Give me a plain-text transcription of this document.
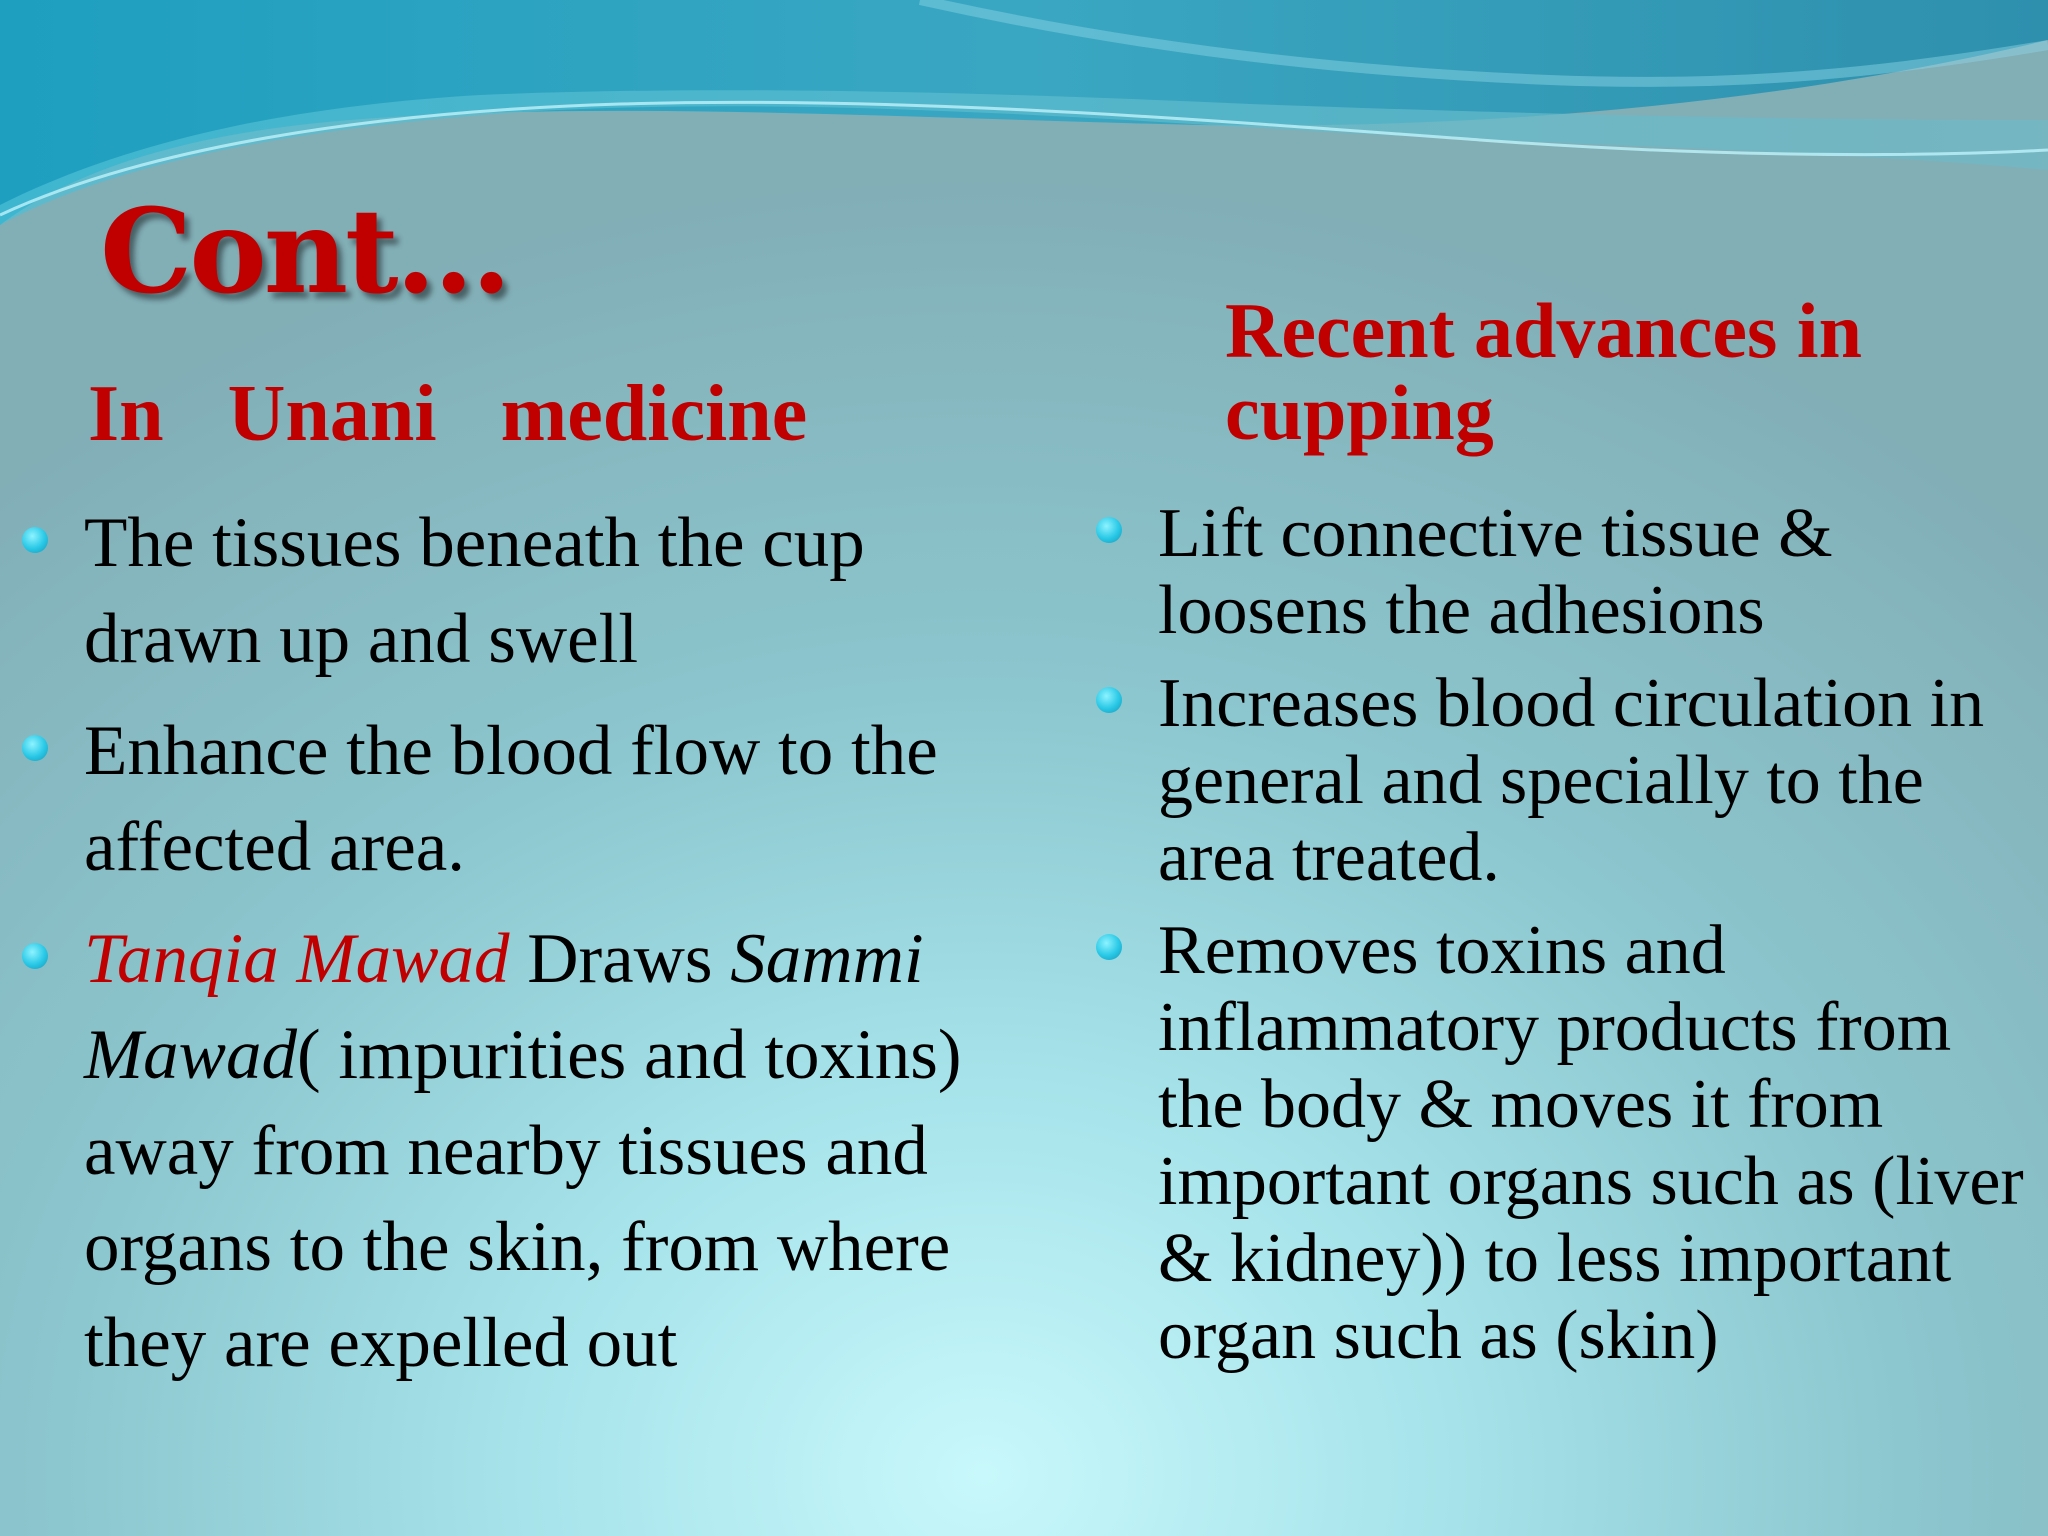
Cont…
In  Unani  medicine
Recent advances in
cupping
The tissues beneath the cup drawn up and swell
Enhance the blood flow to the affected area.
Tanqia Mawad Draws Sammi Mawad( impurities and toxins) away from nearby tissues and organs to the skin, from where they are expelled out
Lift connective tissue & loosens the adhesions
Increases blood circulation in general and specially to the area treated.
Removes toxins and inflammatory products from the body & moves it from important organs such as (liver & kidney)) to less important organ such as (skin)
